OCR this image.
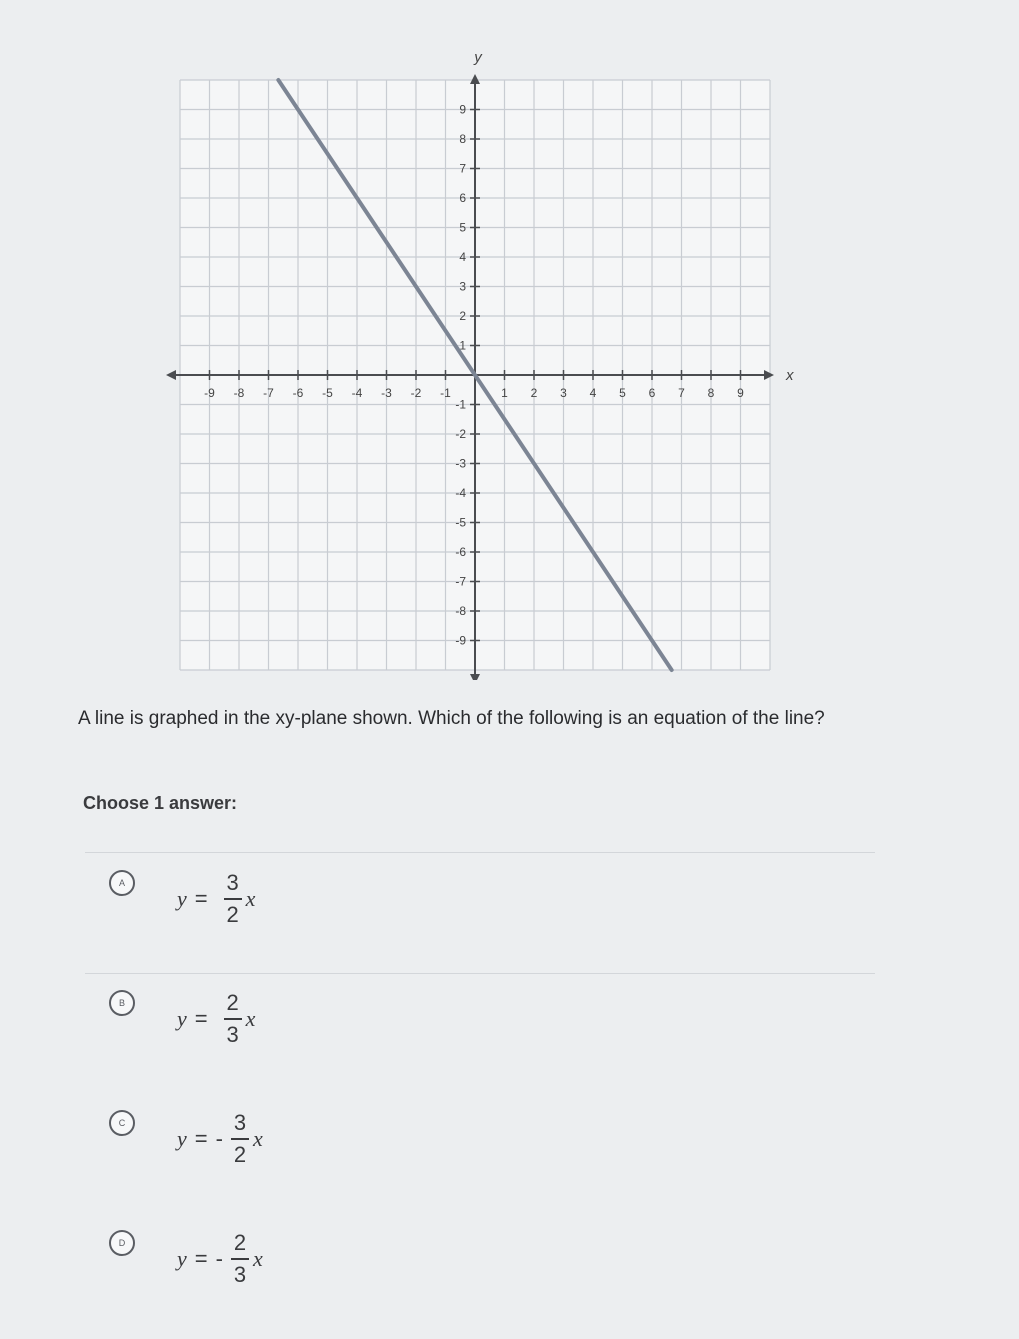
-9 -8 -7 -6 -5 -4 -3 -2 -1	1 2 3 4 5 6 7 8 9
-9
-8
-7
-6
-5
-4
-3
-2
-1
1
2
3
4
5
6
7
8
9
x
y
A line is graphed in the xy-plane shown. Which of the following is an equation of the line?
Choose 1 answer:
A
$y = \frac{3}{2}$ x
B
$y = \frac{2}{3}$ x
C
y = - $\frac{3}{2}$ x
D
y = - $\frac{2}{3}$ x
